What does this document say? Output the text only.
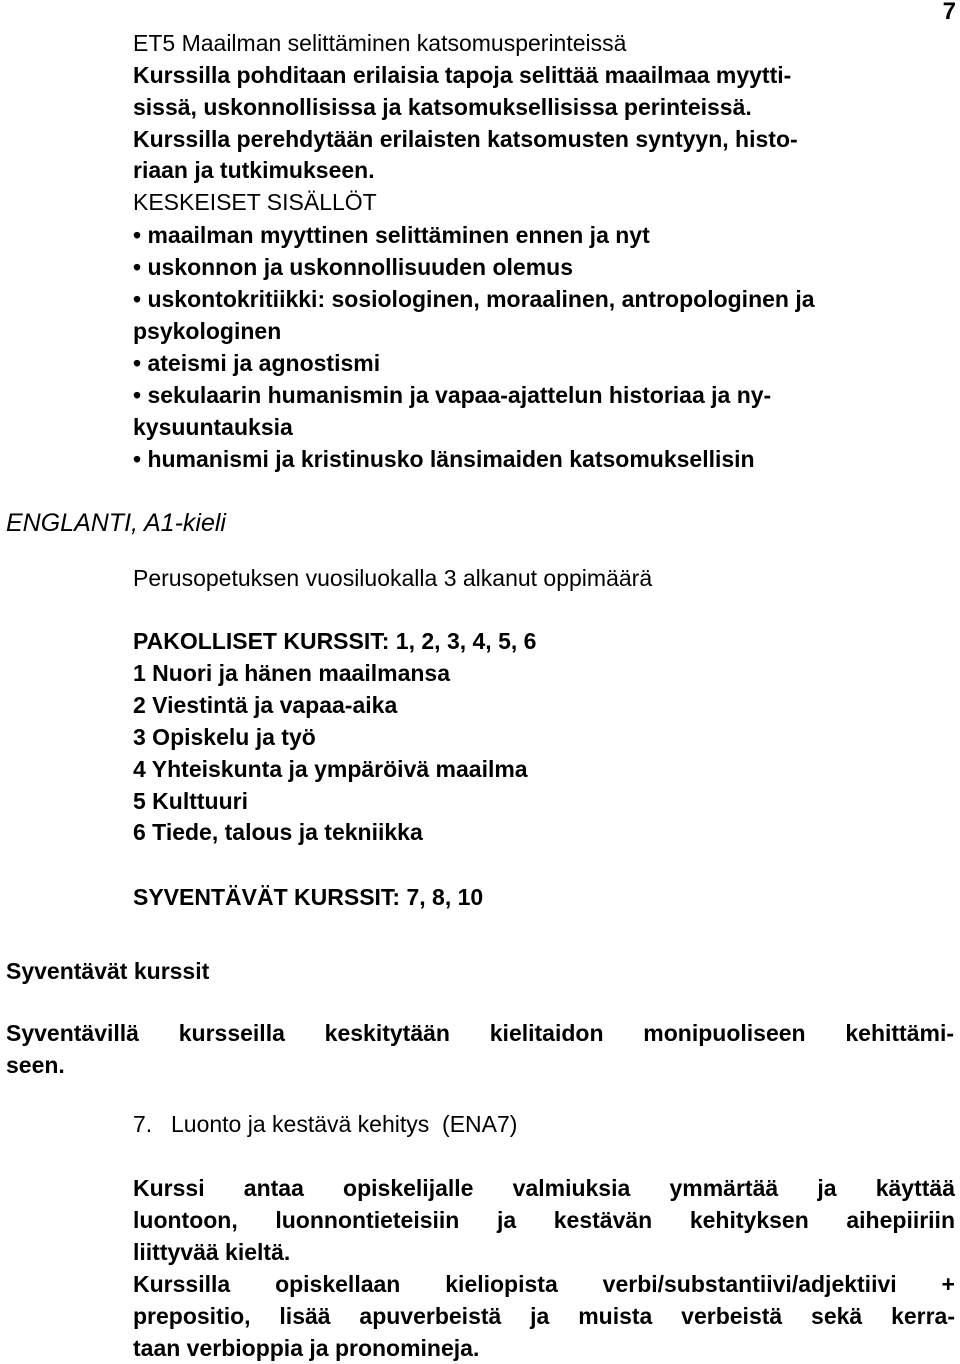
7
ET5 Maailman selittäminen katsomusperinteissä
Kurssilla pohditaan erilaisia tapoja selittää maailmaa myytti-
sissä, uskonnollisissa ja katsomuksellisissa perinteissä.
Kurssilla perehdytään erilaisten katsomusten syntyyn, histo-
riaan ja tutkimukseen.
KESKEISET SISÄLLÖT
• maailman myyttinen selittäminen ennen ja nyt
• uskonnon ja uskonnollisuuden olemus
• uskontokritiikki: sosiologinen, moraalinen, antropologinen ja
psykologinen
• ateismi ja agnostismi
• sekulaarin humanismin ja vapaa-ajattelun historiaa ja ny-
kysuuntauksia
• humanismi ja kristinusko länsimaiden katsomuksellisin
ENGLANTI, A1-kieli
Perusopetuksen vuosiluokalla 3 alkanut oppimäärä
PAKOLLISET KURSSIT: 1, 2, 3, 4, 5, 6
1 Nuori ja hänen maailmansa
2 Viestintä ja vapaa-aika
3 Opiskelu ja työ
4 Yhteiskunta ja ympäröivä maailma
5 Kulttuuri
6 Tiede, talous ja tekniikka
SYVENTÄVÄT KURSSIT: 7, 8, 10
Syventävät kurssit
Syventävillä kursseilla keskitytään kielitaidon monipuoliseen kehittämi-
seen.
7. Luonto ja kestävä kehitys  (ENA7)
Kurssi antaa opiskelijalle valmiuksia ymmärtää ja käyttää
luontoon, luonnontieteisiin ja kestävän kehityksen aihepiiriin
liittyvää kieltä.
Kurssilla opiskellaan kieliopista verbi/substantiivi/adjektiivi +
prepositio, lisää apuverbeistä ja muista verbeistä sekä kerra-
taan verbioppia ja pronomineja.
